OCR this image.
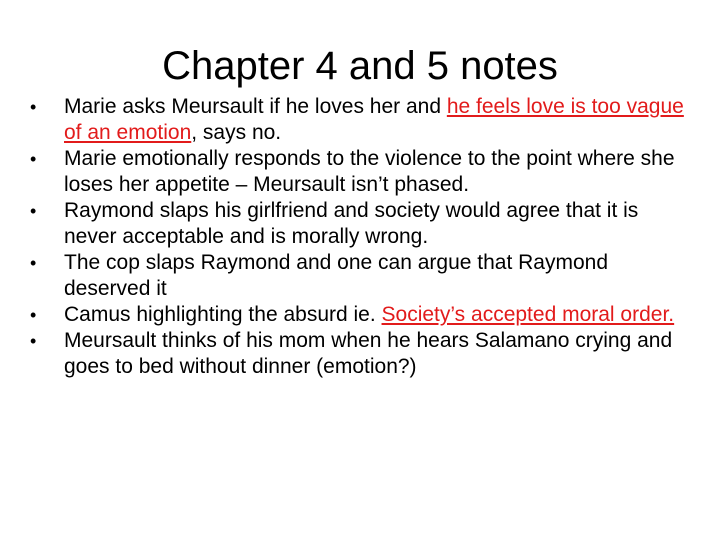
Chapter 4 and 5 notes
•	Marie asks Meursault if he loves her and he feels love is too vague of an emotion, says no.
•	Marie emotionally responds to the violence to the point where she loses her appetite – Meursault isn’t phased.
•	Raymond slaps his girlfriend and society would agree that it is never acceptable and is morally wrong.
•	The cop slaps Raymond and one can argue that Raymond deserved it
•	Camus highlighting the absurd ie. Society’s accepted moral order.
•	Meursault thinks of his mom when he hears Salamano crying and goes to bed without dinner (emotion?)
